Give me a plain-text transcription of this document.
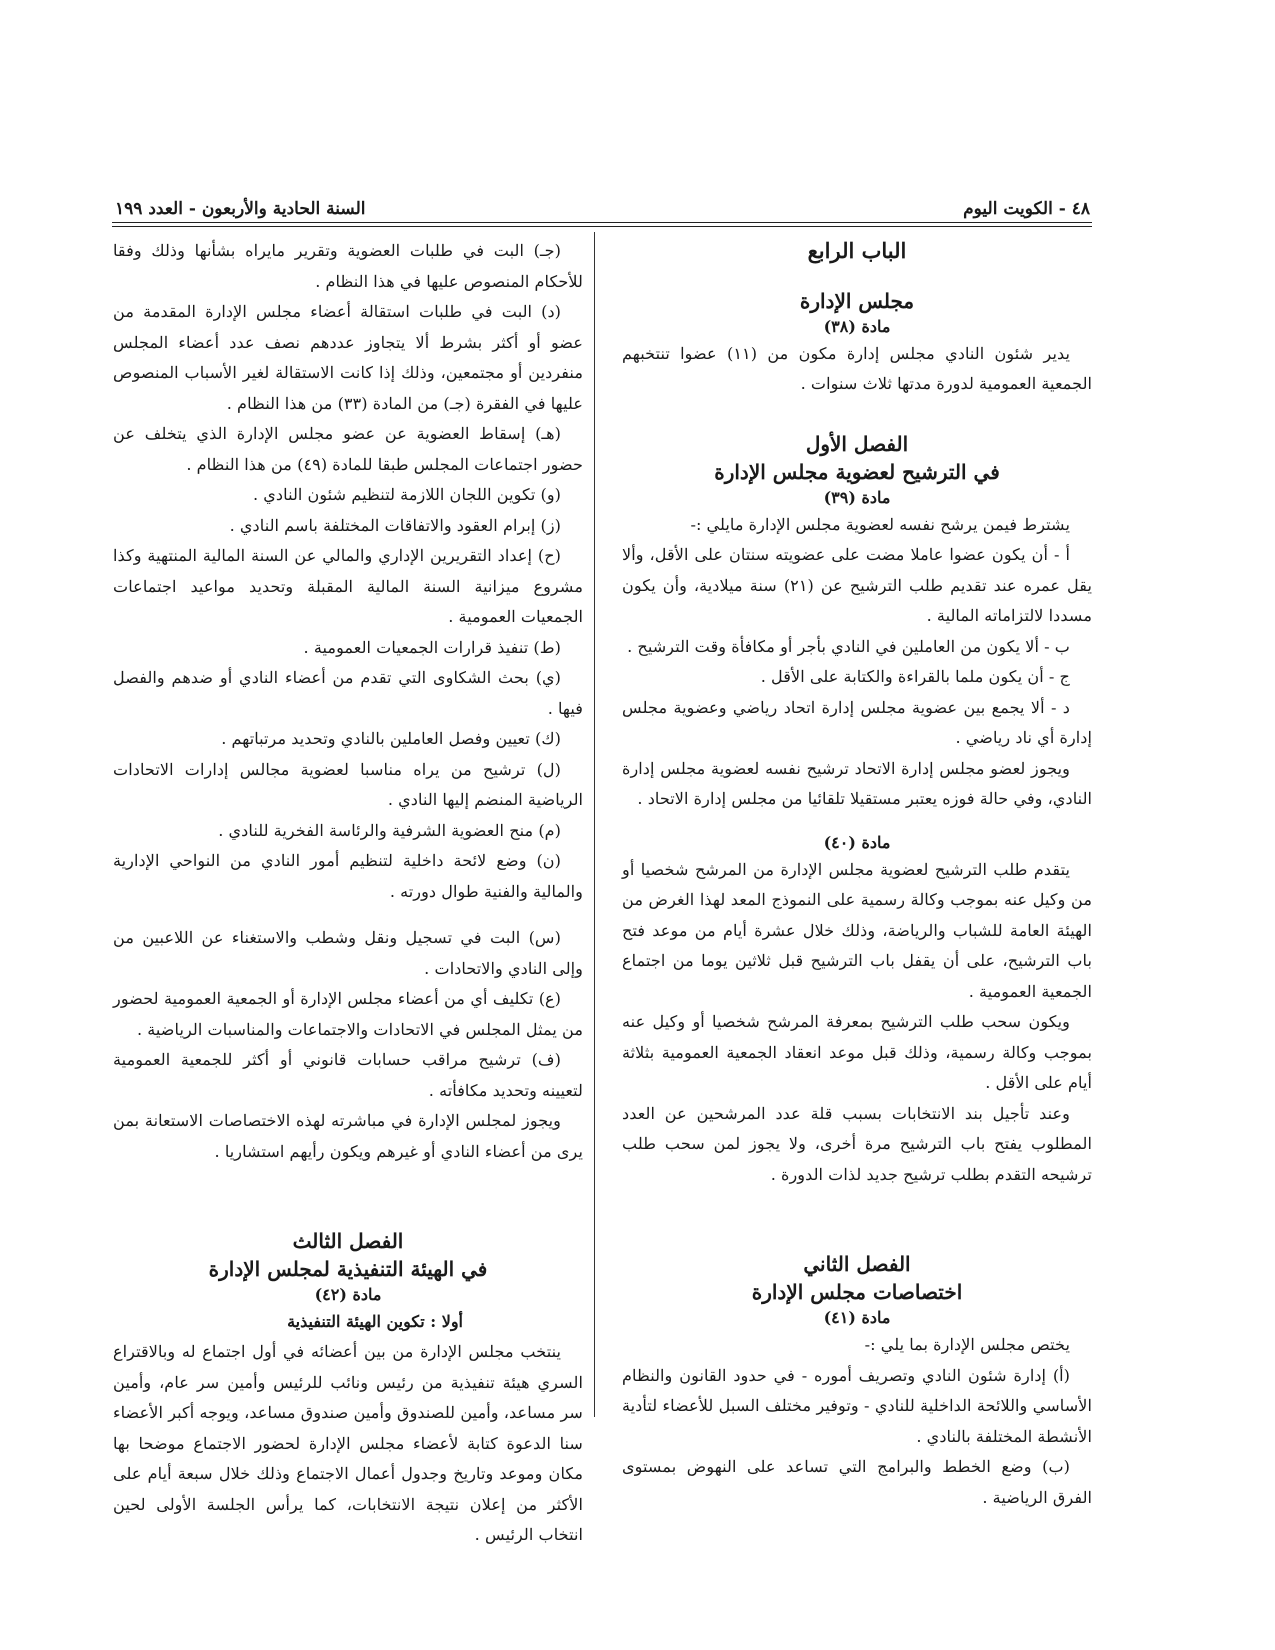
٤٨ - الكويت اليوم
السنة الحادية والأربعون - العدد ١٩٩

الباب الرابع

مجلس الإدارة

مادة (٣٨)

يدير شئون النادي مجلس إدارة مكون من (١١) عضوا تنتخبهم الجمعية العمومية لدورة مدتها ثلاث سنوات .

الفصل الأول

في الترشيح لعضوية مجلس الإدارة

مادة (٣٩)

يشترط فيمن يرشح نفسه لعضوية مجلس الإدارة مايلي :-

أ - أن يكون عضوا عاملا مضت على عضويته سنتان على الأقل، وألا يقل عمره عند تقديم طلب الترشيح عن (٢١) سنة ميلادية، وأن يكون مسددا لالتزاماته المالية .

ب - ألا يكون من العاملين في النادي بأجر أو مكافأة وقت الترشيح .

ج - أن يكون ملما بالقراءة والكتابة على الأقل .

د - ألا يجمع بين عضوية مجلس إدارة اتحاد رياضي وعضوية مجلس إدارة أي ناد رياضي .

ويجوز لعضو مجلس إدارة الاتحاد ترشيح نفسه لعضوية مجلس إدارة النادي، وفي حالة فوزه يعتبر مستقيلا تلقائيا من مجلس إدارة الاتحاد .

مادة (٤٠)

يتقدم طلب الترشيح لعضوية مجلس الإدارة من المرشح شخصيا أو من وكيل عنه بموجب وكالة رسمية على النموذج المعد لهذا الغرض من الهيئة العامة للشباب والرياضة، وذلك خلال عشرة أيام من موعد فتح باب الترشيح، على أن يقفل باب الترشيح قبل ثلاثين يوما من اجتماع الجمعية العمومية .

ويكون سحب طلب الترشيح بمعرفة المرشح شخصيا أو وكيل عنه بموجب وكالة رسمية، وذلك قبل موعد انعقاد الجمعية العمومية بثلاثة أيام على الأقل .

وعند تأجيل بند الانتخابات بسبب قلة عدد المرشحين عن العدد المطلوب يفتح باب الترشيح مرة أخرى، ولا يجوز لمن سحب طلب ترشيحه التقدم بطلب ترشيح جديد لذات الدورة .

الفصل الثاني

اختصاصات مجلس الإدارة

مادة (٤١)

يختص مجلس الإدارة بما يلي :-

(أ) إدارة شئون النادي وتصريف أموره - في حدود القانون والنظام الأساسي واللائحة الداخلية للنادي - وتوفير مختلف السبل للأعضاء لتأدية الأنشطة المختلفة بالنادي .

(ب) وضع الخطط والبرامج التي تساعد على النهوض بمستوى الفرق الرياضية .

(جـ) البت في طلبات العضوية وتقرير مايراه بشأنها وذلك وفقا للأحكام المنصوص عليها في هذا النظام .

(د) البت في طلبات استقالة أعضاء مجلس الإدارة المقدمة من عضو أو أكثر بشرط ألا يتجاوز عددهم نصف عدد أعضاء المجلس منفردين أو مجتمعين، وذلك إذا كانت الاستقالة لغير الأسباب المنصوص عليها في الفقرة (جـ) من المادة (٣٣) من هذا النظام .

(هـ) إسقاط العضوية عن عضو مجلس الإدارة الذي يتخلف عن حضور اجتماعات المجلس طبقا للمادة (٤٩) من هذا النظام .

(و) تكوين اللجان اللازمة لتنظيم شئون النادي .

(ز) إبرام العقود والاتفاقات المختلفة باسم النادي .

(ح) إعداد التقريرين الإداري والمالي عن السنة المالية المنتهية وكذا مشروع ميزانية السنة المالية المقبلة وتحديد مواعيد اجتماعات الجمعيات العمومية .

(ط) تنفيذ قرارات الجمعيات العمومية .

(ي) بحث الشكاوى التي تقدم من أعضاء النادي أو ضدهم والفصل فيها .

(ك) تعيين وفصل العاملين بالنادي وتحديد مرتباتهم .

(ل) ترشيح من يراه مناسبا لعضوية مجالس إدارات الاتحادات الرياضية المنضم إليها النادي .

(م) منح العضوية الشرفية والرئاسة الفخرية للنادي .

(ن) وضع لائحة داخلية لتنظيم أمور النادي من النواحي الإدارية والمالية والفنية طوال دورته .

(س) البت في تسجيل ونقل وشطب والاستغناء عن اللاعبين من وإلى النادي والاتحادات .

(ع) تكليف أي من أعضاء مجلس الإدارة أو الجمعية العمومية لحضور من يمثل المجلس في الاتحادات والاجتماعات والمناسبات الرياضية .

(ف) ترشيح مراقب حسابات قانوني أو أكثر للجمعية العمومية لتعيينه وتحديد مكافأته .

ويجوز لمجلس الإدارة في مباشرته لهذه الاختصاصات الاستعانة بمن يرى من أعضاء النادي أو غيرهم ويكون رأيهم استشاريا .

الفصل الثالث

في الهيئة التنفيذية لمجلس الإدارة

مادة (٤٢)

أولا : تكوين الهيئة التنفيذية

ينتخب مجلس الإدارة من بين أعضائه في أول اجتماع له وبالاقتراع السري هيئة تنفيذية من رئيس ونائب للرئيس وأمين سر عام، وأمين سر مساعد، وأمين للصندوق وأمين صندوق مساعد، ويوجه أكبر الأعضاء سنا الدعوة كتابة لأعضاء مجلس الإدارة لحضور الاجتماع موضحا بها مكان وموعد وتاريخ وجدول أعمال الاجتماع وذلك خلال سبعة أيام على الأكثر من إعلان نتيجة الانتخابات، كما يرأس الجلسة الأولى لحين انتخاب الرئيس .
